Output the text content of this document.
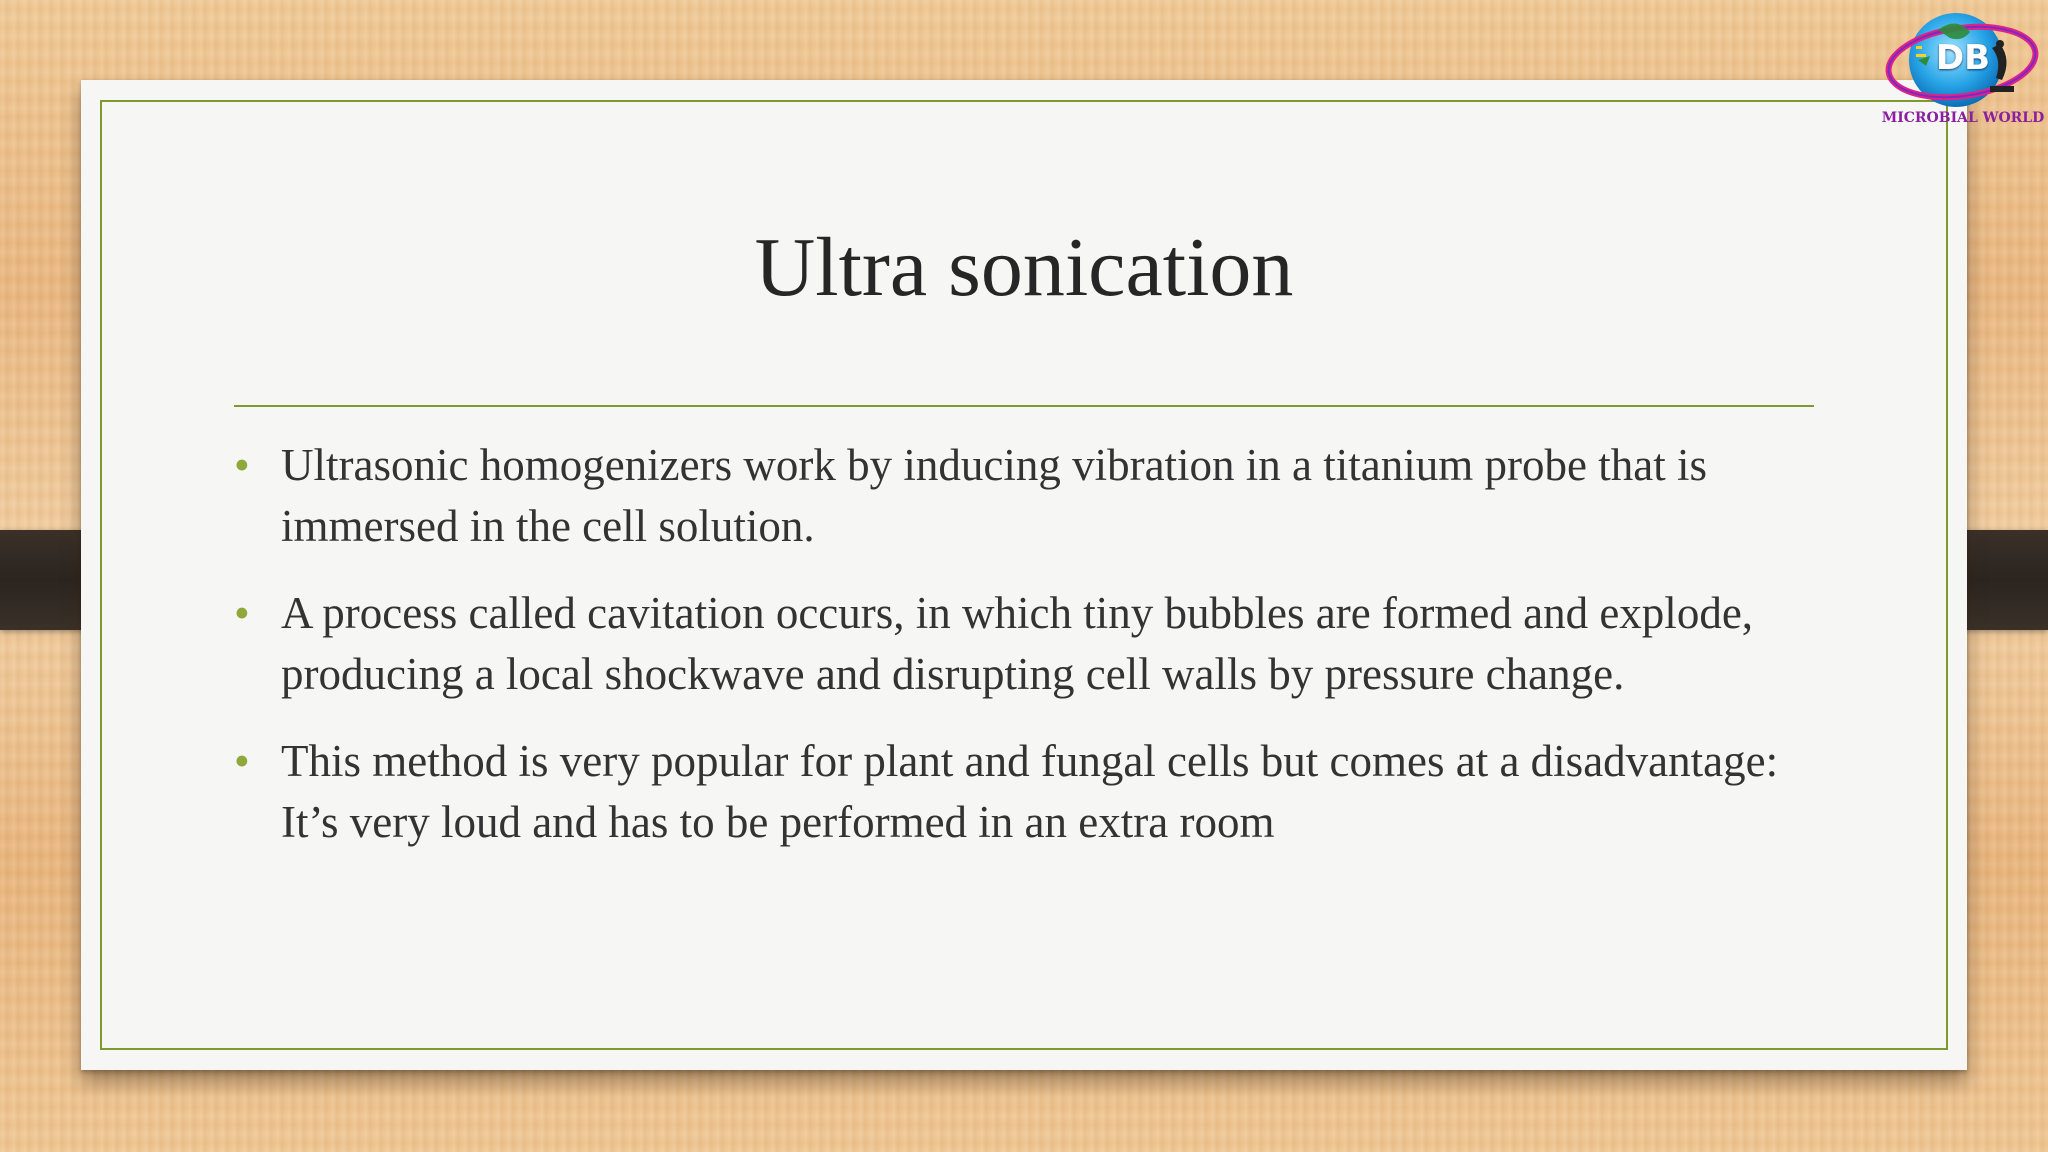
Ultra sonication
• Ultrasonic homogenizers work by inducing vibration in a titanium probe that is immersed in the cell solution.
• A process called cavitation occurs, in which tiny bubbles are formed and explode, producing a local shockwave and disrupting cell walls by pressure change.
• This method is very popular for plant and fungal cells but comes at a disadvantage: It’s very loud and has to be performed in an extra room
DB
MICROBIAL WORLD
